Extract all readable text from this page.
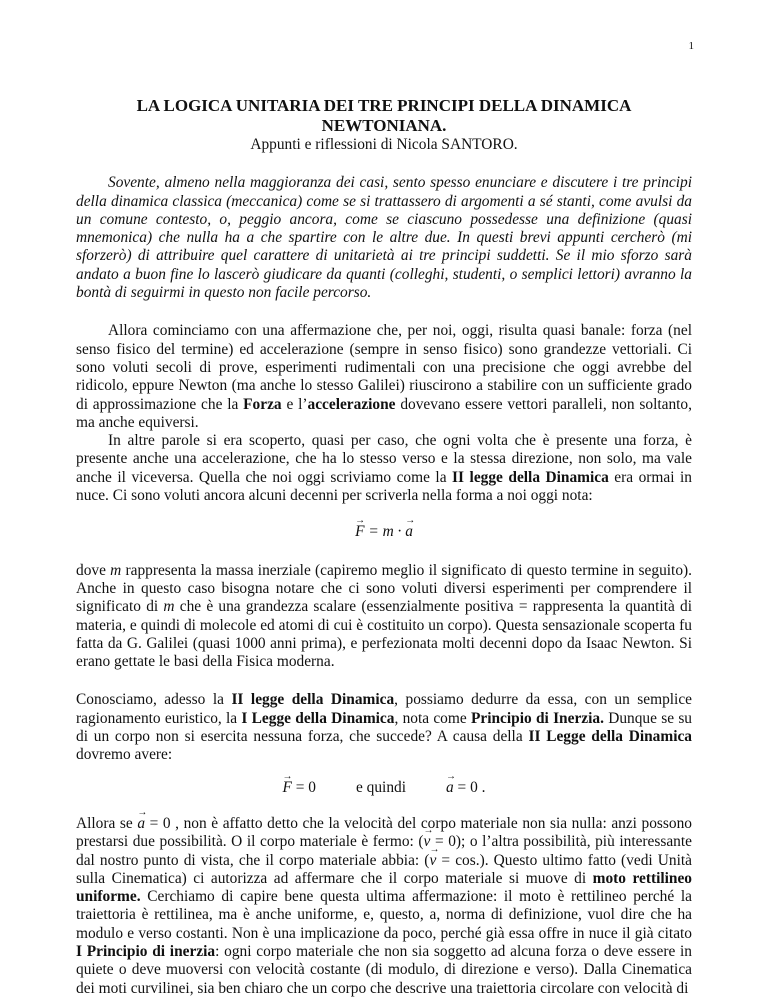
1
LA LOGICA UNITARIA DEI TRE PRINCIPI DELLA DINAMICA NEWTONIANA.
Appunti e riflessioni di Nicola SANTORO.

Sovente, almeno nella maggioranza dei casi, sento spesso enunciare e discutere i tre principi della dinamica classica (meccanica) come se si trattassero di argomenti a sé stanti, come avulsi da un comune contesto, o, peggio ancora, come se ciascuno possedesse una definizione (quasi mnemonica) che nulla ha a che spartire con le altre due. In questi brevi appunti cercherò (mi sforzerò) di attribuire quel carattere di unitarietà ai tre principi suddetti. Se il mio sforzo sarà andato a buon fine lo lascerò giudicare da quanti (colleghi, studenti, o semplici lettori) avranno la bontà di seguirmi in questo non facile percorso.

Allora cominciamo con una affermazione che, per noi, oggi, risulta quasi banale: forza (nel senso fisico del termine) ed accelerazione (sempre in senso fisico) sono grandezze vettoriali. Ci sono voluti secoli di prove, esperimenti rudimentali con una precisione che oggi avrebbe del ridicolo, eppure Newton (ma anche lo stesso Galilei) riuscirono a stabilire con un sufficiente grado di approssimazione che la Forza e l’accelerazione dovevano essere vettori paralleli, non soltanto, ma anche equiversi.

In altre parole si era scoperto, quasi per caso, che ogni volta che è presente una forza, è presente anche una accelerazione, che ha lo stesso verso e la stessa direzione, non solo, ma vale anche il viceversa. Quella che noi oggi scriviamo come la II legge della Dinamica era ormai in nuce. Ci sono voluti ancora alcuni decenni per scriverla nella forma a noi oggi nota:

→ F = m · → a

dove m rappresenta la massa inerziale (capiremo meglio il significato di questo termine in seguito). Anche in questo caso bisogna notare che ci sono voluti diversi esperimenti per comprendere il significato di m che è una grandezza scalare (essenzialmente positiva = rappresenta la quantità di materia, e quindi di molecole ed atomi di cui è costituito un corpo). Questa sensazionale scoperta fu fatta da G. Galilei (quasi 1000 anni prima), e perfezionata molti decenni dopo da Isaac Newton. Si erano gettate le basi della Fisica moderna.

Conosciamo, adesso la II legge della Dinamica, possiamo dedurre da essa, con un semplice ragionamento euristico, la I Legge della Dinamica, nota come Principio di Inerzia. Dunque se su di un corpo non si esercita nessuna forza, che succede? A causa della II Legge della Dinamica dovremo avere:

→ F = 0	e quindi→	a = 0 .

Allora se → a = 0 , non è affatto detto che la velocità del corpo materiale non sia nulla: anzi possono prestarsi due possibilità. O il corpo materiale è fermo: (→ v = 0); o l’altra possibilità, più interessante dal nostro punto di vista, che il corpo materiale abbia: (→ v = cos.). Questo ultimo fatto (vedi Unità sulla Cinematica) ci autorizza ad affermare che il corpo materiale si muove di moto rettilineo uniforme. Cerchiamo di capire bene questa ultima affermazione: il moto è rettilineo perché la traiettoria è rettilinea, ma è anche uniforme, e, questo, a, norma di definizione, vuol dire che ha modulo e verso costanti. Non è una implicazione da poco, perché già essa offre in nuce il già citato I Principio di inerzia: ogni corpo materiale che non sia soggetto ad alcuna forza o deve essere in quiete o deve muoversi con velocità costante (di modulo, di direzione e verso). Dalla Cinematica dei moti curvilinei, sia ben chiaro che un corpo che descrive una traiettoria circolare con velocità di
